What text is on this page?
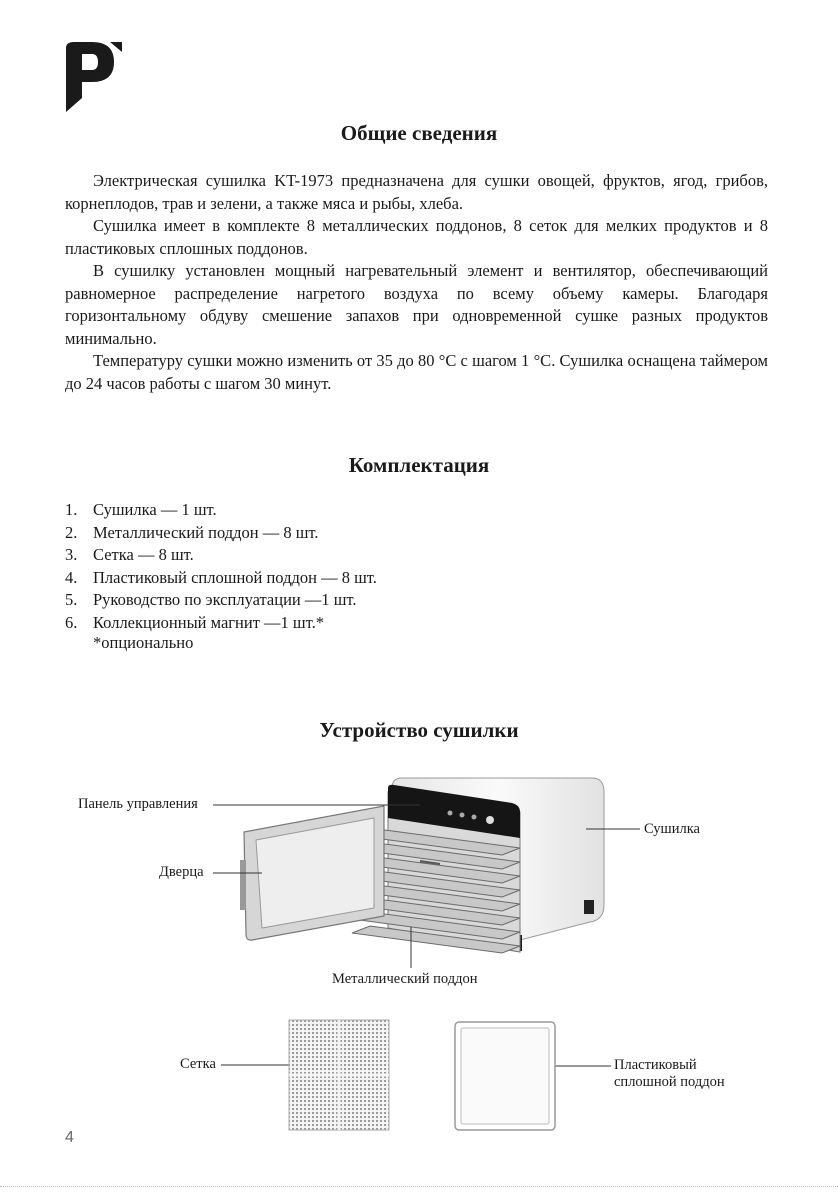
Общие сведения

Электрическая сушилка KT-1973 предназначена для сушки овощей, фруктов, ягод, грибов, корнеплодов, трав и зелени, а также мяса и рыбы, хлеба.

Сушилка имеет в комплекте 8 металлических поддонов, 8 сеток для мелких продуктов и 8 пластиковых сплошных поддонов.

В сушилку установлен мощный нагревательный элемент и вентилятор, обеспечивающий равномерное распределение нагретого воздуха по всему объему камеры. Благодаря горизонтальному обдуву смешение запахов при одновременной сушке разных продуктов минимально.

Температуру сушки можно изменить от 35 до 80 °С с шагом 1 °С. Сушилка оснащена таймером до 24 часов работы с шагом 30 минут.

Комплектация
1. Сушилка — 1 шт.
2. Металлический поддон — 8 шт.
3. Сетка — 8 шт.
4. Пластиковый сплошной поддон — 8 шт.
5. Руководство по эксплуатации —1 шт.
6. Коллекционный магнит —1 шт.*
*опционально
Устройство сушилки
Панель управления
Сушилка
Дверца
Металлический поддон
Сетка	Пластиковый
сплошной поддон
4
